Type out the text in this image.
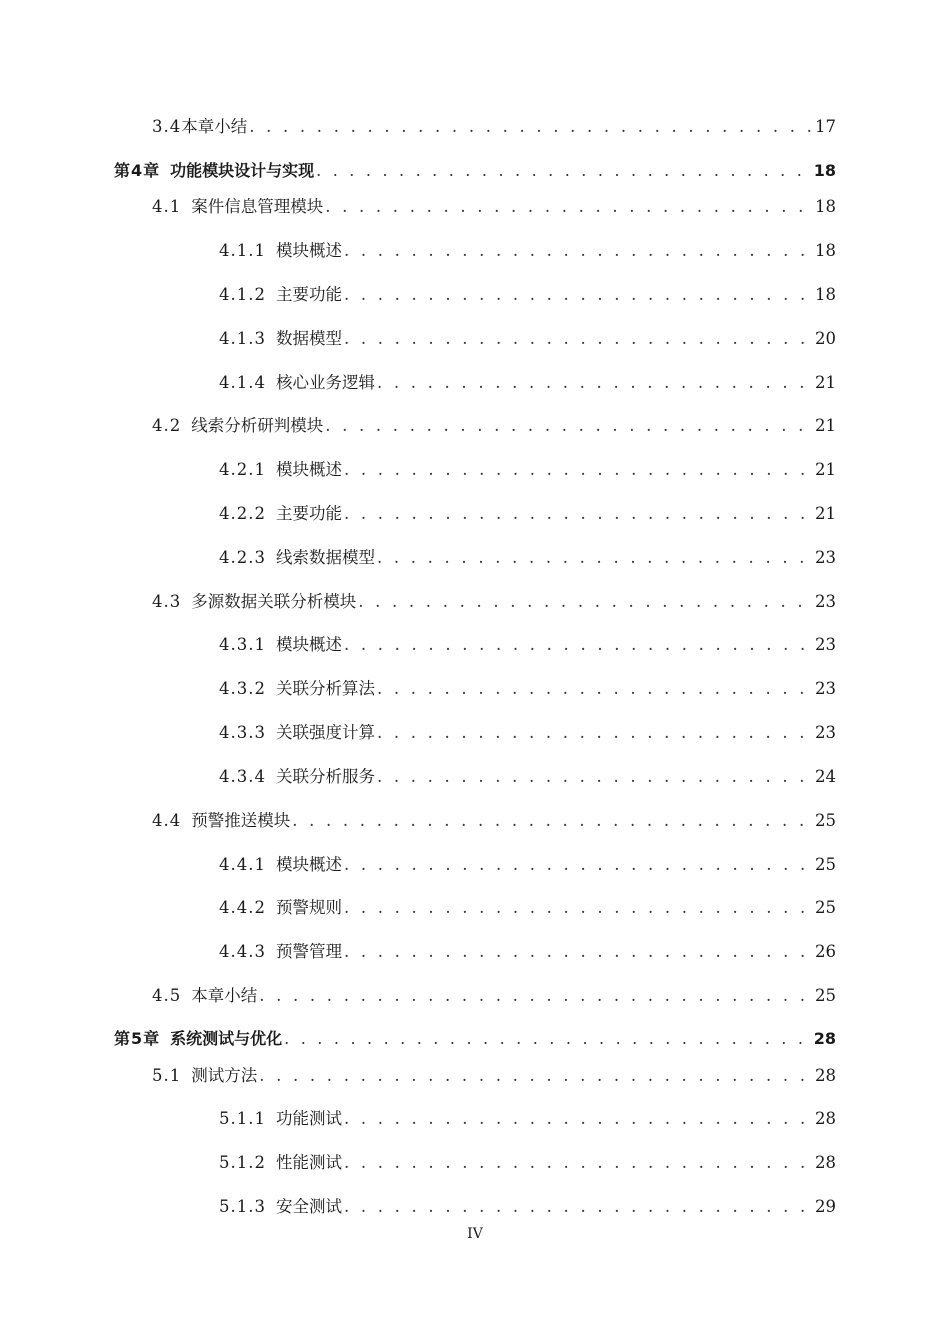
3.4 本章小结 . . .	17
第4章 功能模块设计与实现 . . .	18
4.1 案件信息管理模块 . . .	18
4.1.1 模块概述 . . .	18
4.1.2 主要功能 . . .	18
4.1.3 数据模型 . . .	20
4.1.4 核心业务逻辑 . . .	21
4.2 线索分析研判模块 . . .	21
4.2.1 模块概述 . . .	21
4.2.2 主要功能 . . .	21
4.2.3 线索数据模型 . . .	23
4.3 多源数据关联分析模块 . . .	23
4.3.1 模块概述 . . .	23
4.3.2 关联分析算法 . . .	23
4.3.3 关联强度计算 . . .	23
4.3.4 关联分析服务 . . .	24
4.4 预警推送模块 . . .	25
4.4.1 模块概述 . . .	25
4.4.2 预警规则 . . .	25
4.4.3 预警管理 . . .	26
4.5 本章小结 . . .	25
第5章 系统测试与优化 . . .	28
5.1 测试方法 . . .	28
5.1.1 功能测试 . . .	28
5.1.2 性能测试 . . .	28
5.1.3 安全测试 . . .	29
IV
